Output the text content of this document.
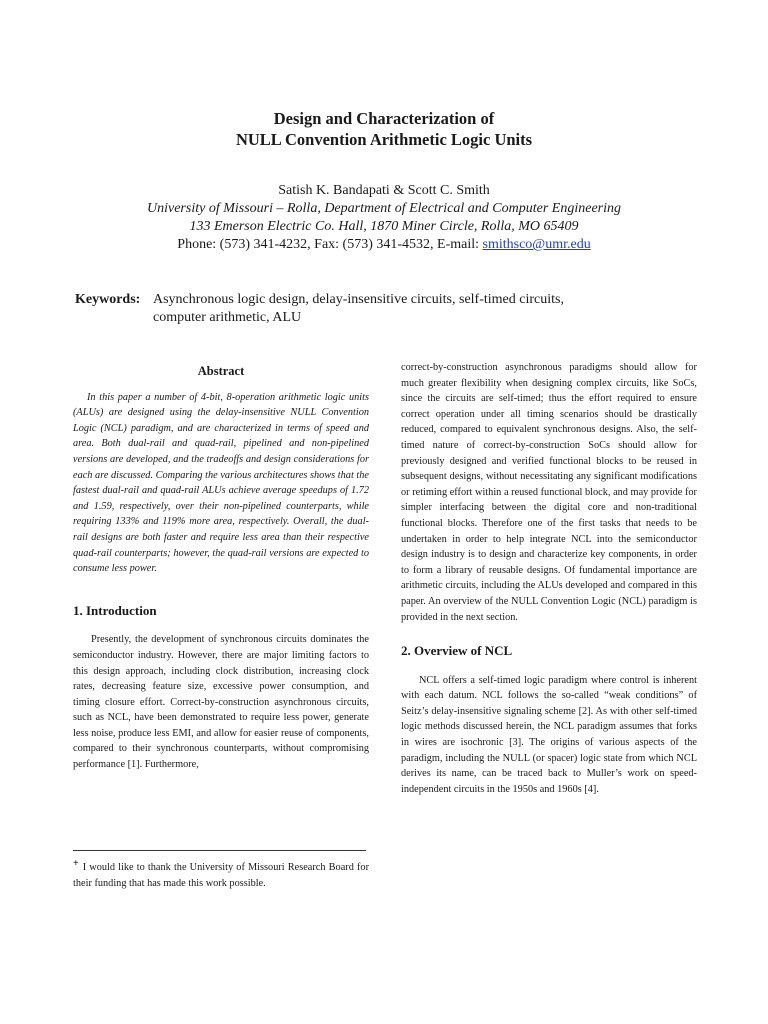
Design and Characterization of
NULL Convention Arithmetic Logic Units
Satish K. Bandapati & Scott C. Smith
University of Missouri – Rolla, Department of Electrical and Computer Engineering
133 Emerson Electric Co. Hall, 1870 Miner Circle, Rolla, MO 65409
Phone: (573) 341-4232, Fax: (573) 341-4532, E-mail: smithsco@umr.edu
Keywords: Asynchronous logic design, delay-insensitive circuits, self-timed circuits, computer arithmetic, ALU
Abstract

In this paper a number of 4-bit, 8-operation arithmetic logic units (ALUs) are designed using the delay-insensitive NULL Convention Logic (NCL) paradigm, and are characterized in terms of speed and area. Both dual-rail and quad-rail, pipelined and non-pipelined versions are developed, and the tradeoffs and design considerations for each are discussed. Comparing the various architectures shows that the fastest dual-rail and quad-rail ALUs achieve average speedups of 1.72 and 1.59, respectively, over their non-pipelined counterparts, while requiring 133% and 119% more area, respectively. Overall, the dual-rail designs are both faster and require less area than their respective quad-rail counterparts; however, the quad-rail versions are expected to consume less power.

1. Introduction

Presently, the development of synchronous circuits dominates the semiconductor industry. However, there are major limiting factors to this design approach, including clock distribution, increasing clock rates, decreasing feature size, excessive power consumption, and timing closure effort. Correct-by-construction asynchronous circuits, such as NCL, have been demonstrated to require less power, generate less noise, produce less EMI, and allow for easier reuse of components, compared to their synchronous counterparts, without compromising performance [1]. Furthermore,

+ I would like to thank the University of Missouri Research Board for their funding that has made this work possible.

correct-by-construction asynchronous paradigms should allow for much greater flexibility when designing complex circuits, like SoCs, since the circuits are self-timed; thus the effort required to ensure correct operation under all timing scenarios should be drastically reduced, compared to equivalent synchronous designs. Also, the self-timed nature of correct-by-construction SoCs should allow for previously designed and verified functional blocks to be reused in subsequent designs, without necessitating any significant modifications or retiming effort within a reused functional block, and may provide for simpler interfacing between the digital core and non-traditional functional blocks. Therefore one of the first tasks that needs to be undertaken in order to help integrate NCL into the semiconductor design industry is to design and characterize key components, in order to form a library of reusable designs. Of fundamental importance are arithmetic circuits, including the ALUs developed and compared in this paper. An overview of the NULL Convention Logic (NCL) paradigm is provided in the next section.

2. Overview of NCL

NCL offers a self-timed logic paradigm where control is inherent with each datum. NCL follows the so-called “weak conditions” of Seitz’s delay-insensitive signaling scheme [2]. As with other self-timed logic methods discussed herein, the NCL paradigm assumes that forks in wires are isochronic [3]. The origins of various aspects of the paradigm, including the NULL (or spacer) logic state from which NCL derives its name, can be traced back to Muller’s work on speed-independent circuits in the 1950s and 1960s [4].
